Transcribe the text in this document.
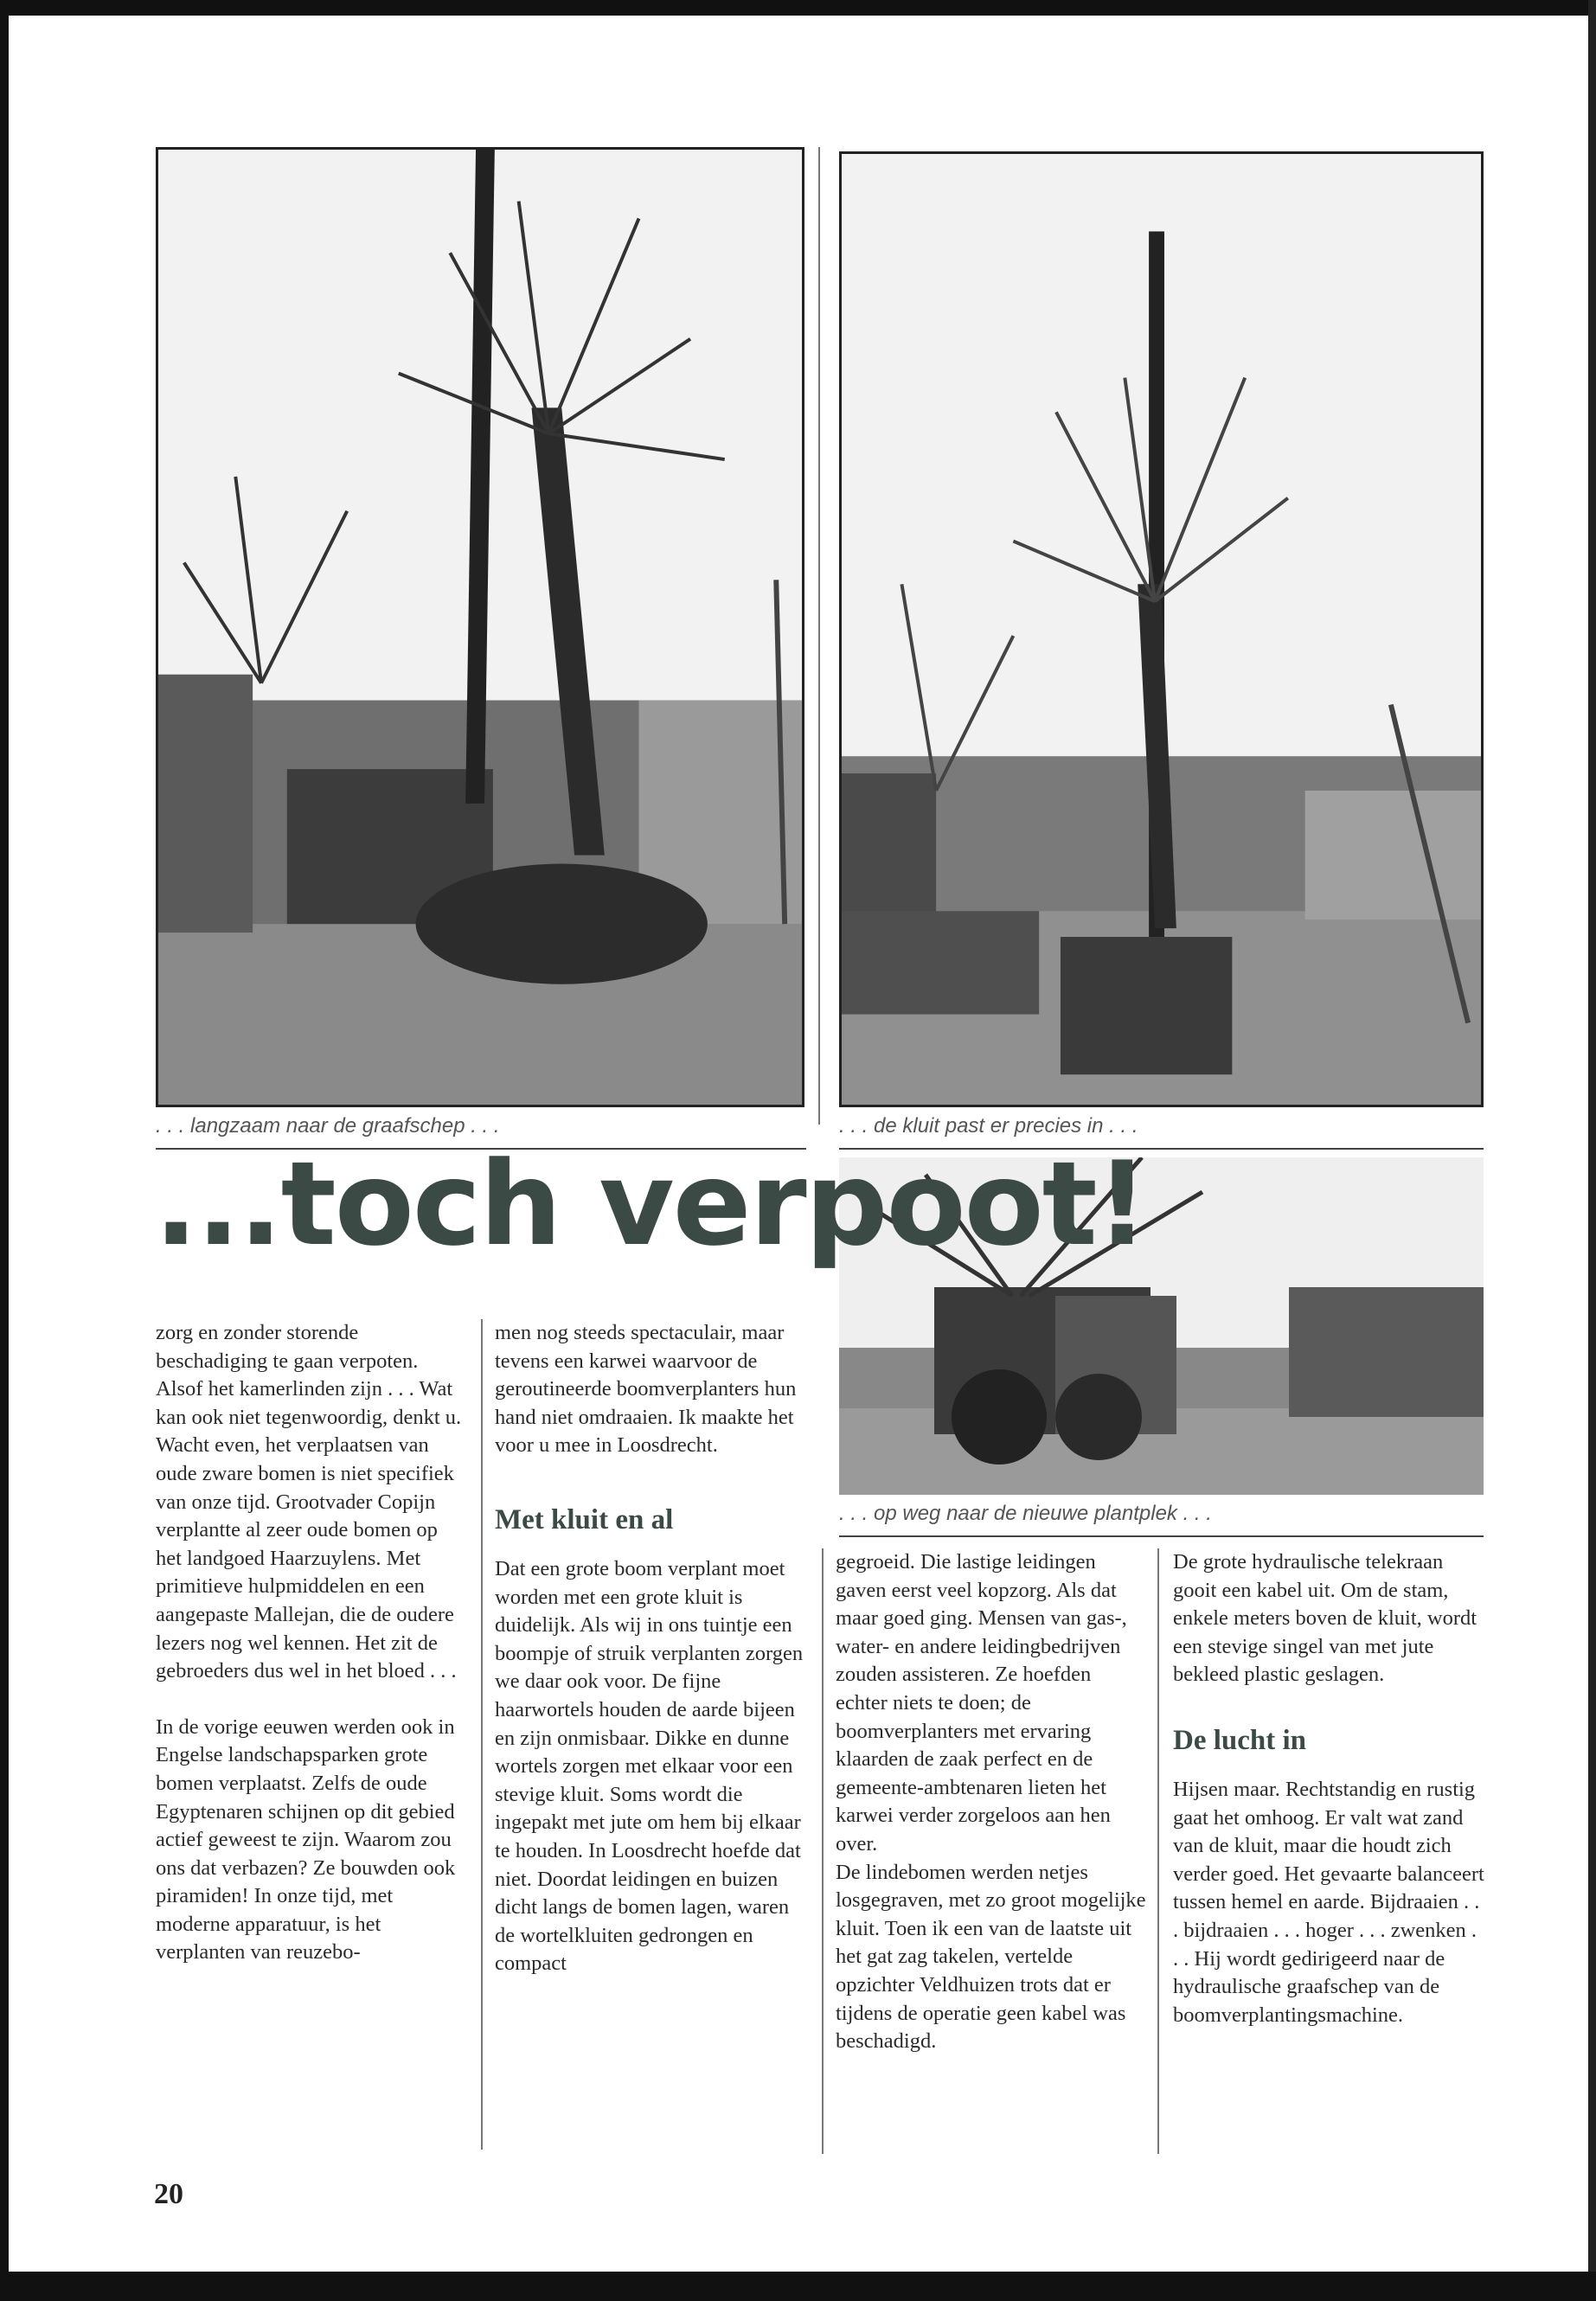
. . . langzaam naar de graafschep . . .	. . . de kluit past er precies in . . .
. . . op weg naar de nieuwe plantplek . . .
...toch verpoot!

zorg en zonder storende beschadiging te gaan verpoten. Alsof het kamerlinden zijn . . . Wat kan ook niet tegenwoordig, denkt u. Wacht even, het verplaatsen van oude zware bomen is niet specifiek van onze tijd. Grootvader Copijn verplantte al zeer oude bomen op het landgoed Haarzuylens. Met primitieve hulpmiddelen en een aangepaste Mallejan, die de oudere lezers nog wel kennen. Het zit de gebroeders dus wel in het bloed . . .

In de vorige eeuwen werden ook in Engelse landschapsparken grote bomen verplaatst. Zelfs de oude Egyptenaren schijnen op dit gebied actief geweest te zijn. Waarom zou ons dat verbazen? Ze bouwden ook piramiden! In onze tijd, met moderne apparatuur, is het verplanten van reuzebo-

men nog steeds spectaculair, maar tevens een karwei waarvoor de geroutineerde boomverplanters hun hand niet omdraaien. Ik maakte het voor u mee in Loosdrecht.

Met kluit en al

Dat een grote boom verplant moet worden met een grote kluit is duidelijk. Als wij in ons tuintje een boompje of struik verplanten zorgen we daar ook voor. De fijne haarwortels houden de aarde bijeen en zijn onmisbaar. Dikke en dunne wortels zorgen met elkaar voor een stevige kluit. Soms wordt die ingepakt met jute om hem bij elkaar te houden. In Loosdrecht hoefde dat niet. Doordat leidingen en buizen dicht langs de bomen lagen, waren de wortelkluiten gedrongen en compact

gegroeid. Die lastige leidingen gaven eerst veel kopzorg. Als dat maar goed ging. Mensen van gas-, water- en andere leidingbedrijven zouden assisteren. Ze hoefden echter niets te doen; de boomverplanters met ervaring klaarden de zaak perfect en de gemeente-ambtenaren lieten het karwei verder zorgeloos aan hen over.

De lindebomen werden netjes losgegraven, met zo groot mogelijke kluit. Toen ik een van de laatste uit het gat zag takelen, vertelde opzichter Veldhuizen trots dat er tijdens de operatie geen kabel was beschadigd.

De grote hydraulische telekraan gooit een kabel uit. Om de stam, enkele meters boven de kluit, wordt een stevige singel van met jute bekleed plastic geslagen.

De lucht in

Hijsen maar. Rechtstandig en rustig gaat het omhoog. Er valt wat zand van de kluit, maar die houdt zich verder goed. Het gevaarte balanceert tussen hemel en aarde. Bijdraaien . . . bijdraaien . . . hoger . . . zwenken . . . Hij wordt gedirigeerd naar de hydraulische graafschep van de boomverplantingsmachine.

20
